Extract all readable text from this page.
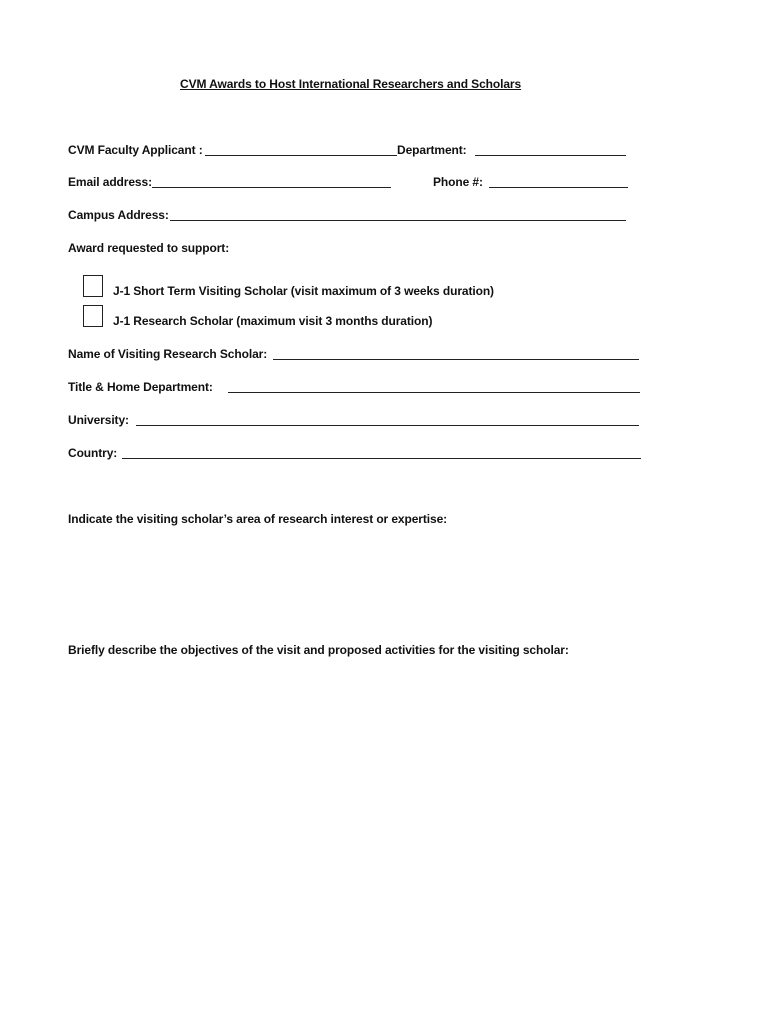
CVM Awards to Host International Researchers and Scholars
CVM Faculty Applicant :	Department:
Email address:	Phone #:
Campus Address:
Award requested to support:
J-1 Short Term Visiting Scholar (visit maximum of 3 weeks duration)
J-1 Research Scholar (maximum visit 3 months duration)
Name of Visiting Research Scholar:
Title & Home Department:
University:
Country:
Indicate the visiting scholar’s area of research interest or expertise:
Briefly describe the objectives of the visit and proposed activities for the visiting scholar:
